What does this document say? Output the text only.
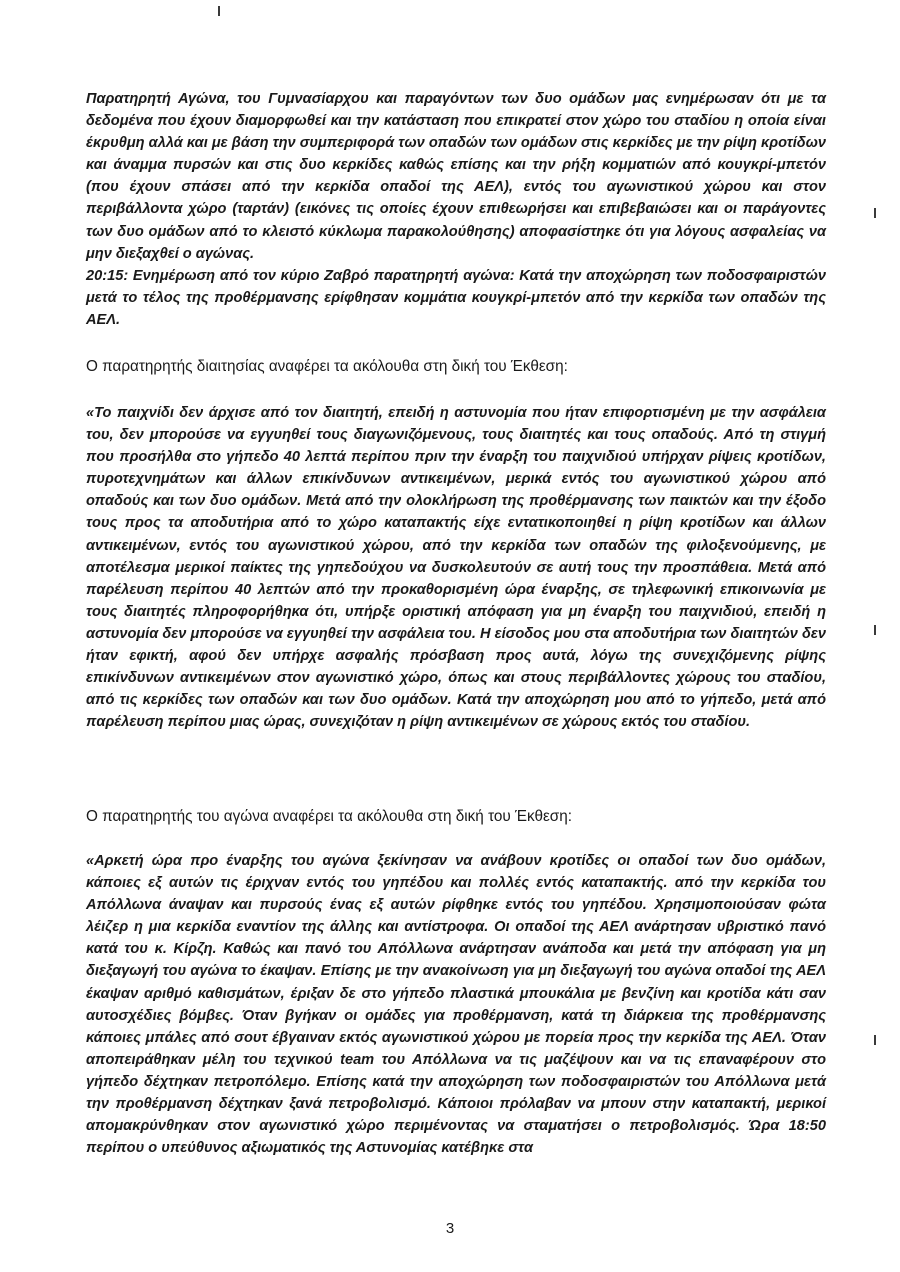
Παρατηρητή Αγώνα, του Γυμνασίαρχου και παραγόντων των δυο ομάδων μας ενημέρωσαν ότι με τα δεδομένα που έχουν διαμορφωθεί και την κατάσταση που επικρατεί στον χώρο του σταδίου η οποία είναι έκρυθμη αλλά και με βάση την συμπεριφορά των οπαδών των ομάδων στις κερκίδες με την ρίψη κροτίδων και άναμμα πυρσών και στις δυο κερκίδες καθώς επίσης και την ρήξη κομματιών από κουγκρί-μπετόν (που έχουν σπάσει από την κερκίδα οπαδοί της ΑΕΛ), εντός του αγωνιστικού χώρου και στον περιβάλλοντα χώρο (ταρτάν) (εικόνες τις οποίες έχουν επιθεωρήσει και επιβεβαιώσει και οι παράγοντες των δυο ομάδων από το κλειστό κύκλωμα παρακολούθησης) αποφασίστηκε ότι για λόγους ασφαλείας να μην διεξαχθεί ο αγώνας.

20:15: Ενημέρωση από τον κύριο Ζαβρό παρατηρητή αγώνα: Κατά την αποχώρηση των ποδοσφαιριστών μετά το τέλος της προθέρμανσης ερίφθησαν κομμάτια κουγκρί-μπετόν από την κερκίδα των οπαδών της ΑΕΛ.

Ο παρατηρητής διαιτησίας αναφέρει τα ακόλουθα στη δική του Έκθεση:

«Το παιχνίδι δεν άρχισε από τον διαιτητή, επειδή η αστυνομία που ήταν επιφορτισμένη με την ασφάλεια του, δεν μπορούσε να εγγυηθεί τους διαγωνιζόμενους, τους διαιτητές και τους οπαδούς. Από τη στιγμή που προσήλθα στο γήπεδο 40 λεπτά περίπου πριν την έναρξη του παιχνιδιού υπήρχαν ρίψεις κροτίδων, πυροτεχνημάτων και άλλων επικίνδυνων αντικειμένων, μερικά εντός του αγωνιστικού χώρου από οπαδούς και των δυο ομάδων. Μετά από την ολοκλήρωση της προθέρμανσης των παικτών και την έξοδο τους προς τα αποδυτήρια από το χώρο καταπακτής είχε εντατικοποιηθεί η ρίψη κροτίδων και άλλων αντικειμένων, εντός του αγωνιστικού χώρου, από την κερκίδα των οπαδών της φιλοξενούμενης, με αποτέλεσμα μερικοί παίκτες της γηπεδούχου να δυσκολευτούν σε αυτή τους την προσπάθεια. Μετά από παρέλευση περίπου 40 λεπτών από την προκαθορισμένη ώρα έναρξης, σε τηλεφωνική επικοινωνία με τους διαιτητές πληροφορήθηκα ότι, υπήρξε οριστική απόφαση για μη έναρξη του παιχνιδιού, επειδή η αστυνομία δεν μπορούσε να εγγυηθεί την ασφάλεια του. Η είσοδος μου στα αποδυτήρια των διαιτητών δεν ήταν εφικτή, αφού δεν υπήρχε ασφαλής πρόσβαση προς αυτά, λόγω της συνεχιζόμενης ρίψης επικίνδυνων αντικειμένων στον αγωνιστικό χώρο, όπως και στους περιβάλλοντες χώρους του σταδίου, από τις κερκίδες των οπαδών και των δυο ομάδων. Κατά την αποχώρηση μου από το γήπεδο, μετά από παρέλευση περίπου μιας ώρας, συνεχιζόταν η ρίψη αντικειμένων σε χώρους εκτός του σταδίου.

Ο παρατηρητής του αγώνα αναφέρει τα ακόλουθα στη δική του Έκθεση:

«Αρκετή ώρα προ έναρξης του αγώνα ξεκίνησαν να ανάβουν κροτίδες οι οπαδοί των δυο ομάδων, κάποιες εξ αυτών τις έριχναν εντός του γηπέδου και πολλές εντός καταπακτής. από την κερκίδα του Απόλλωνα άναψαν και πυρσούς ένας εξ αυτών ρίφθηκε εντός του γηπέδου. Χρησιμοποιούσαν φώτα λέιζερ η μια κερκίδα εναντίον της άλλης και αντίστροφα. Οι οπαδοί της ΑΕΛ ανάρτησαν υβριστικό πανό κατά του κ. Κίρζη. Καθώς και πανό του Απόλλωνα ανάρτησαν ανάποδα και μετά την απόφαση για μη διεξαγωγή του αγώνα το έκαψαν. Επίσης με την ανακοίνωση για μη διεξαγωγή του αγώνα οπαδοί της ΑΕΛ έκαψαν αριθμό καθισμάτων, έριξαν δε στο γήπεδο πλαστικά μπουκάλια με βενζίνη και κροτίδα κάτι σαν αυτοσχέδιες βόμβες. Όταν βγήκαν οι ομάδες για προθέρμανση, κατά τη διάρκεια της προθέρμανσης κάποιες μπάλες από σουτ έβγαιναν εκτός αγωνιστικού χώρου με πορεία προς την κερκίδα της ΑΕΛ. Όταν αποπειράθηκαν μέλη του τεχνικού team του Απόλλωνα να τις μαζέψουν και να τις επαναφέρουν στο γήπεδο δέχτηκαν πετροπόλεμο. Επίσης κατά την αποχώρηση των ποδοσφαιριστών του Απόλλωνα μετά την προθέρμανση δέχτηκαν ξανά πετροβολισμό. Κάποιοι πρόλαβαν να μπουν στην καταπακτή, μερικοί απομακρύνθηκαν στον αγωνιστικό χώρο περιμένοντας να σταματήσει ο πετροβολισμός. Ώρα 18:50 περίπου ο υπεύθυνος αξιωματικός της Αστυνομίας κατέβηκε στα

3
